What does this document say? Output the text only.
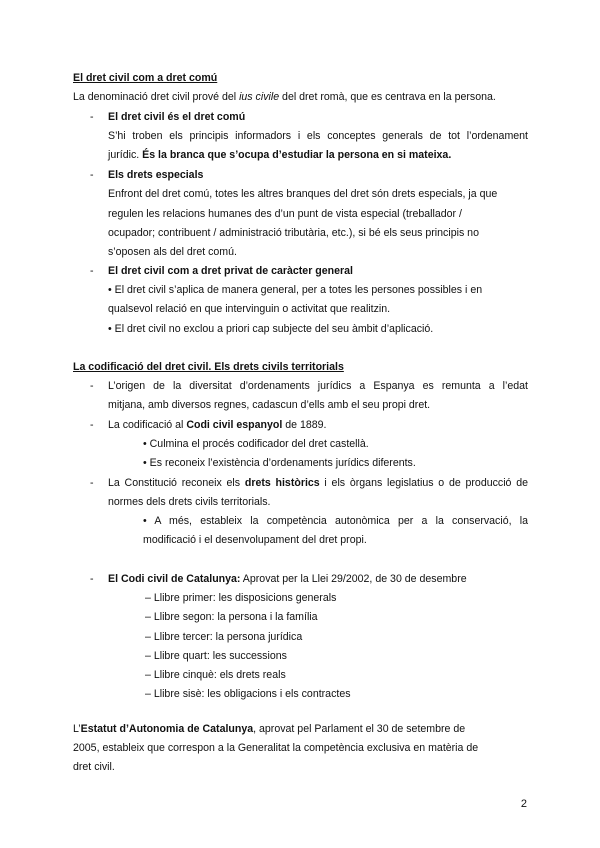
El dret civil com a dret comú
La denominació dret civil prové del ius civile del dret romà, que es centrava en la persona.
- El dret civil és el dret comú
S’hi troben els principis informadors i els conceptes generals de tot l’ordenament
jurídic. És la branca que s’ocupa d’estudiar la persona en si mateixa.
- Els drets especials
Enfront del dret comú, totes les altres branques del dret són drets especials, ja que
regulen les relacions humanes des d’un punt de vista especial (treballador /
ocupador; contribuent / administració tributària, etc.), si bé els seus principis no
s’oposen als del dret comú.
- El dret civil com a dret privat de caràcter general
• El dret civil s’aplica de manera general, per a totes les persones possibles i en
qualsevol relació en que intervinguin o activitat que realitzin.
• El dret civil no exclou a priori cap subjecte del seu àmbit d’aplicació.
La codificació del dret civil. Els drets civils territorials
- L’origen de la diversitat d’ordenaments jurídics a Espanya es remunta a l’edat
mitjana, amb diversos regnes, cadascun d’ells amb el seu propi dret.
- La codificació al Codi civil espanyol de 1889.
• Culmina el procés codificador del dret castellà.
• Es reconeix l’existència d’ordenaments jurídics diferents.
- La Constitució reconeix els drets històrics i els òrgans legislatius o de producció de
normes dels drets civils territorials.
• A més, estableix la competència autonòmica per a la conservació, la
modificació i el desenvolupament del dret propi.
- El Codi civil de Catalunya: Aprovat per la Llei 29/2002, de 30 de desembre
– Llibre primer: les disposicions generals
– Llibre segon: la persona i la família
– Llibre tercer: la persona jurídica
– Llibre quart: les successions
– Llibre cinquè: els drets reals
– Llibre sisè: les obligacions i els contractes
L’Estatut d’Autonomia de Catalunya, aprovat pel Parlament el 30 de setembre de
2005, estableix que correspon a la Generalitat la competència exclusiva en matèria de
dret civil.
2
